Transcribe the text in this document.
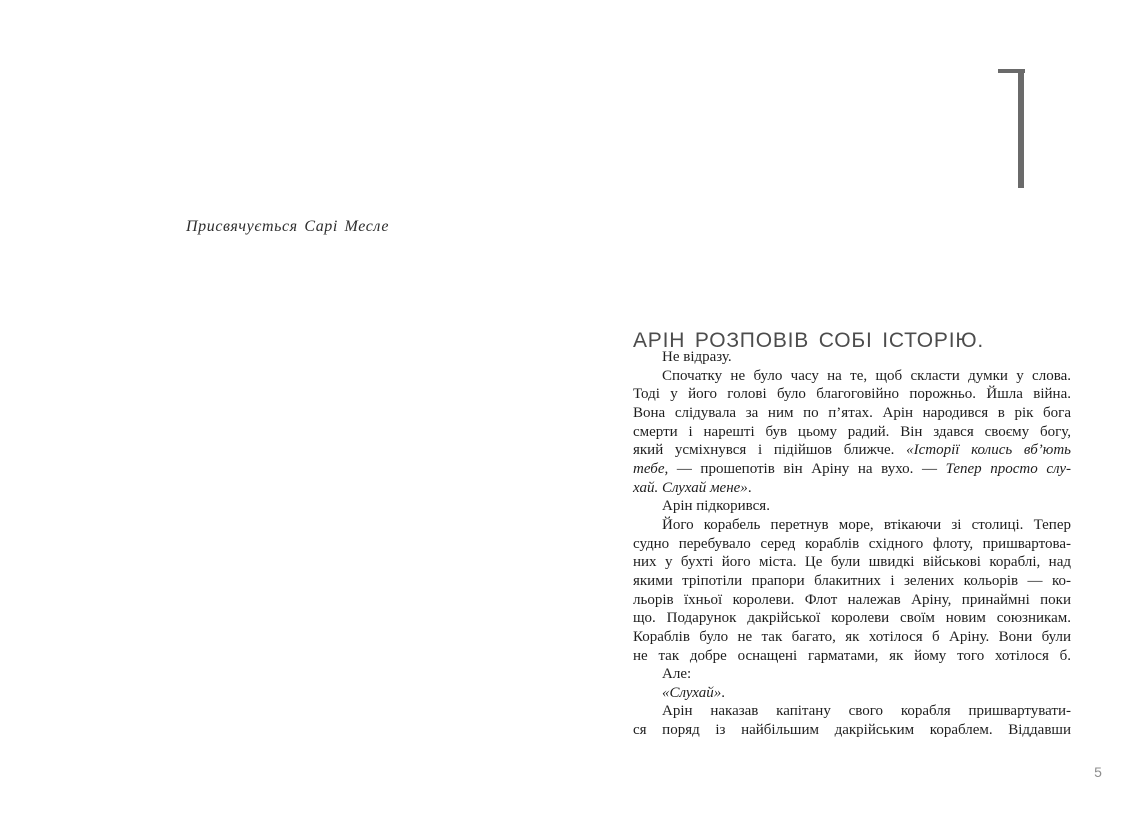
Присвячується Сарі Месле
АРІН РОЗПОВІВ СОБІ ІСТОРІЮ.
Не відразу.
Спочатку не було часу на те, щоб скласти думки у слова.
Тоді у його голові було благоговійно порожньо. Йшла війна.
Вона слідувала за ним по п’ятах. Арін народився в рік бога
смерти і нарешті був цьому радий. Він здався своєму богу,
який усміхнувся і підійшов ближче. «Історії колись вб’ють
тебе, — прошепотів він Аріну на вухо. — Тепер просто слу-
хай. Слухай мене».
Арін підкорився.
Його корабель перетнув море, втікаючи зі столиці. Тепер
судно перебувало серед кораблів східного флоту, пришвартова-
них у бухті його міста. Це були швидкі військові кораблі, над
якими тріпотіли прапори блакитних і зелених кольорів — ко-
льорів їхньої королеви. Флот належав Аріну, принаймні поки
що. Подарунок дакрійської королеви своїм новим союзникам.
Кораблів було не так багато, як хотілося б Аріну. Вони були
не так добре оснащені гарматами, як йому того хотілося б.
Але:
«Слухай».
Арін наказав капітану свого корабля пришвартувати-
ся поряд із найбільшим дакрійським кораблем. Віддавши
5
